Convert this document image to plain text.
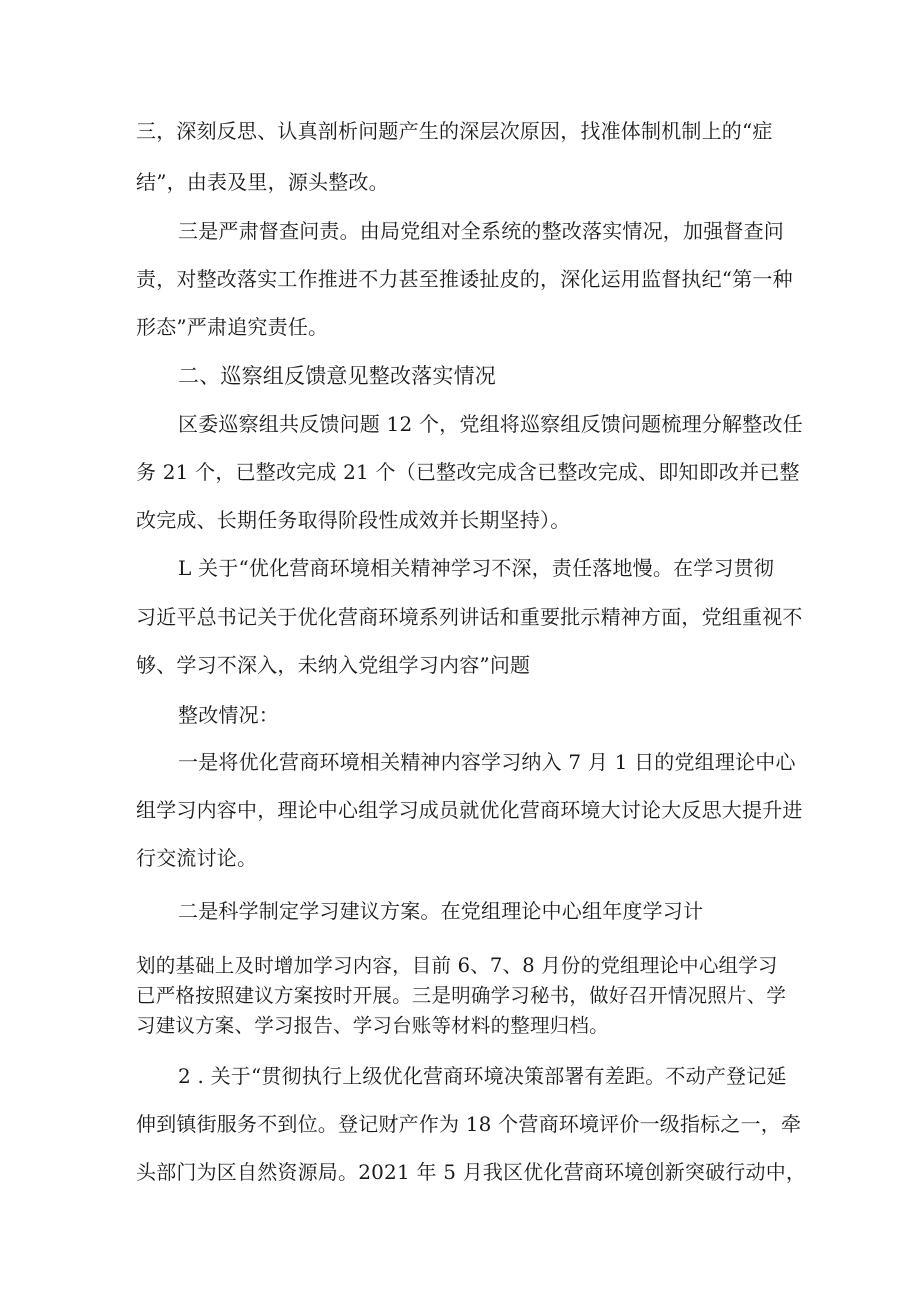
三，深刻反思、认真剖析问题产生的深层次原因，找准体制机制上的“症
结”，由表及里，源头整改。
三是严肃督查问责。由局党组对全系统的整改落实情况，加强督查问
责，对整改落实工作推进不力甚至推诿扯皮的，深化运用监督执纪“第一种
形态”严肃追究责任。
二、巡察组反馈意见整改落实情况
区委巡察组共反馈问题 12 个，党组将巡察组反馈问题梳理分解整改任
务 21 个，已整改完成 21 个（已整改完成含已整改完成、即知即改并已整
改完成、长期任务取得阶段性成效并长期坚持）。
L 关于“优化营商环境相关精神学习不深，责任落地慢。在学习贯彻
习近平总书记关于优化营商环境系列讲话和重要批示精神方面，党组重视不
够、学习不深入，未纳入党组学习内容”问题
整改情况：
一是将优化营商环境相关精神内容学习纳入 7 月 1 日的党组理论中心
组学习内容中，理论中心组学习成员就优化营商环境大讨论大反思大提升进
行交流讨论。
二是科学制定学习建议方案。在党组理论中心组年度学习计
划的基础上及时增加学习内容，目前 6、7、8 月份的党组理论中心组学习
已严格按照建议方案按时开展。三是明确学习秘书，做好召开情况照片、学
习建议方案、学习报告、学习台账等材料的整理归档。
2 . 关于“贯彻执行上级优化营商环境决策部署有差距。不动产登记延
伸到镇街服务不到位。登记财产作为 18 个营商环境评价一级指标之一，牵
头部门为区自然资源局。2021 年 5 月我区优化营商环境创新突破行动中，
